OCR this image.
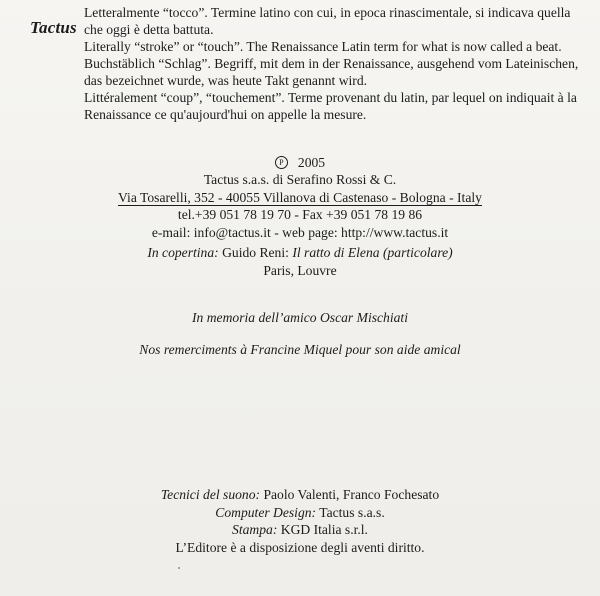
Tactus

Letteralmente “tocco”. Termine latino con cui, in epoca rinascimentale, si indicava quella che oggi è detta battuta.

Literally “stroke” or “touch”. The Renaissance Latin term for what is now called a beat.

Buchstäblich “Schlag”. Begriff, mit dem in der Renaissance, ausgehend vom Lateinischen, das bezeichnet wurde, was heute Takt genannt wird.

Littéralement “coup”, “touchement”. Terme provenant du latin, par lequel on indiquait à la Renaissance ce qu'aujourd'hui on appelle la mesure.

P	2005
Tactus s.a.s. di Serafino Rossi & C.
Via Tosarelli, 352 - 40055 Villanova di Castenaso - Bologna - Italy
tel.+39 051 78 19 70 - Fax +39 051 78 19 86
e-mail: info@tactus.it - web page: http://www.tactus.it
In copertina: Guido Reni: Il ratto di Elena (particolare)
Paris, Louvre
In memoria dell’amico Oscar Mischiati
Nos remerciments à Francine Miquel pour son aide amical
Tecnici del suono: Paolo Valenti, Franco Fochesato
Computer Design: Tactus s.a.s.
Stampa: KGD Italia s.r.l.
L’Editore è a disposizione degli aventi diritto.
